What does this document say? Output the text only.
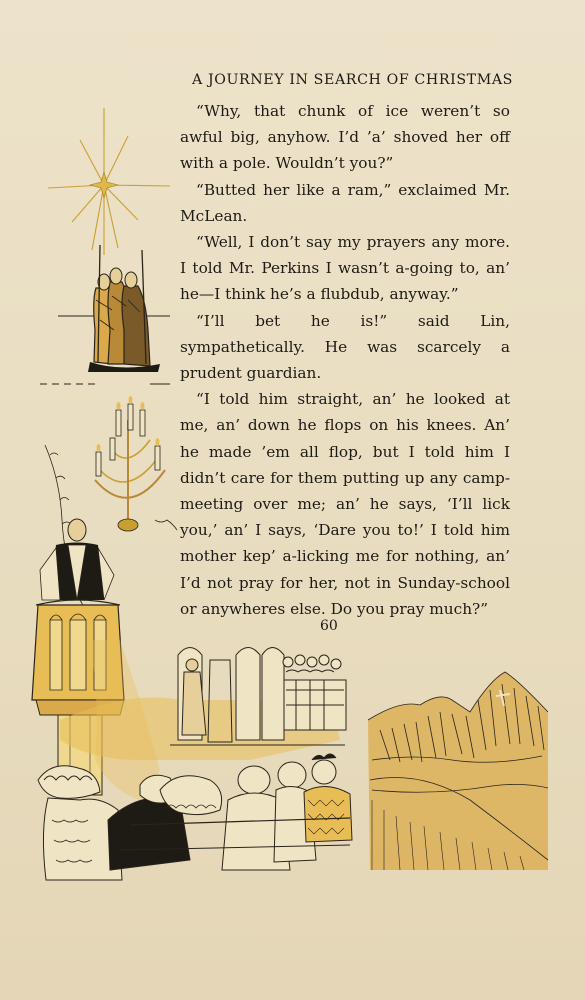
A JOURNEY IN SEARCH OF CHRISTMAS

“Why, that chunk of ice weren’t so awful big, anyhow. I’d ’a’ shoved her off with a pole. Wouldn’t you?”

“Butted her like a ram,” exclaimed Mr. McLean.

“Well, I don’t say my prayers any more. I told Mr. Perkins I wasn’t a-going to, an’ he—I think he’s a flubdub, anyway.”

“I’ll bet he is!” said Lin, sympathetically. He was scarcely a prudent guardian.

“I told him straight, an’ he looked at me, an’ down he flops on his knees. An’ he made ’em all flop, but I told him I didn’t care for them putting up any camp-meeting over me; an’ he says, ‘I’ll lick you,’ an’ I says, ‘Dare you to!’ I told him mother kep’ a-licking me for nothing, an’ I’d not pray for her, not in Sunday-school or anywheres else. Do you pray much?”

60
